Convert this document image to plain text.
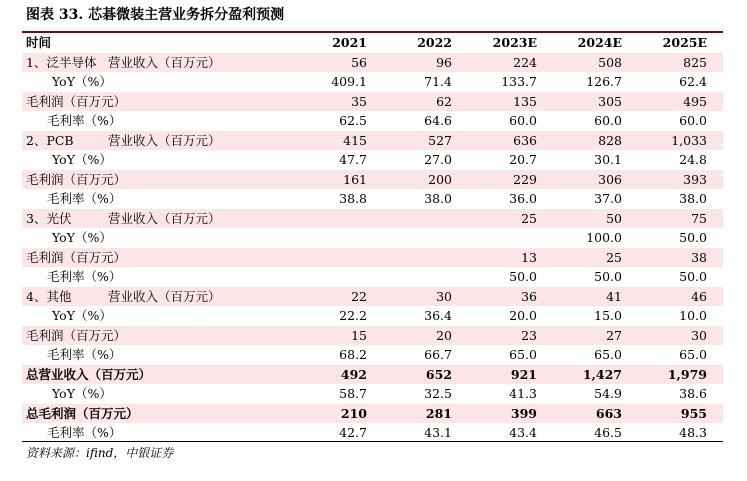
图表 33. 芯碁微装主营业务拆分盈利预测
时间	2021	2022	2023E	2024E	2025E
1、泛半导体 营业收入（百万元）	56	96	224	508	825
YoY（%）	409.1	71.4	133.7	126.7	62.4
毛利润（百万元）	35	62	135	305	495
毛利率（%）	62.5	64.6	60.0	60.0	60.0
2、PCB 营业收入（百万元）	415	527	636	828	1,033
YoY（%）	47.7	27.0	20.7	30.1	24.8
毛利润（百万元）	161	200	229	306	393
毛利率（%）	38.8	38.0	36.0	37.0	38.0
3、光伏 营业收入（百万元）			25	50	75
YoY（%）				100.0	50.0
毛利润（百万元）			13	25	38
毛利率（%）			50.0	50.0	50.0
4、其他 营业收入（百万元）	22	30	36	41	46
YoY（%）	22.2	36.4	20.0	15.0	10.0
毛利润（百万元）	15	20	23	27	30
毛利率（%）	68.2	66.7	65.0	65.0	65.0
总营业收入（百万元）	492	652	921	1,427	1,979
YoY（%）	58.7	32.5	41.3	54.9	38.6
总毛利润（百万元）	210	281	399	663	955
毛利率（%）	42.7	43.1	43.4	46.5	48.3
资料来源：ifind，中银证券
